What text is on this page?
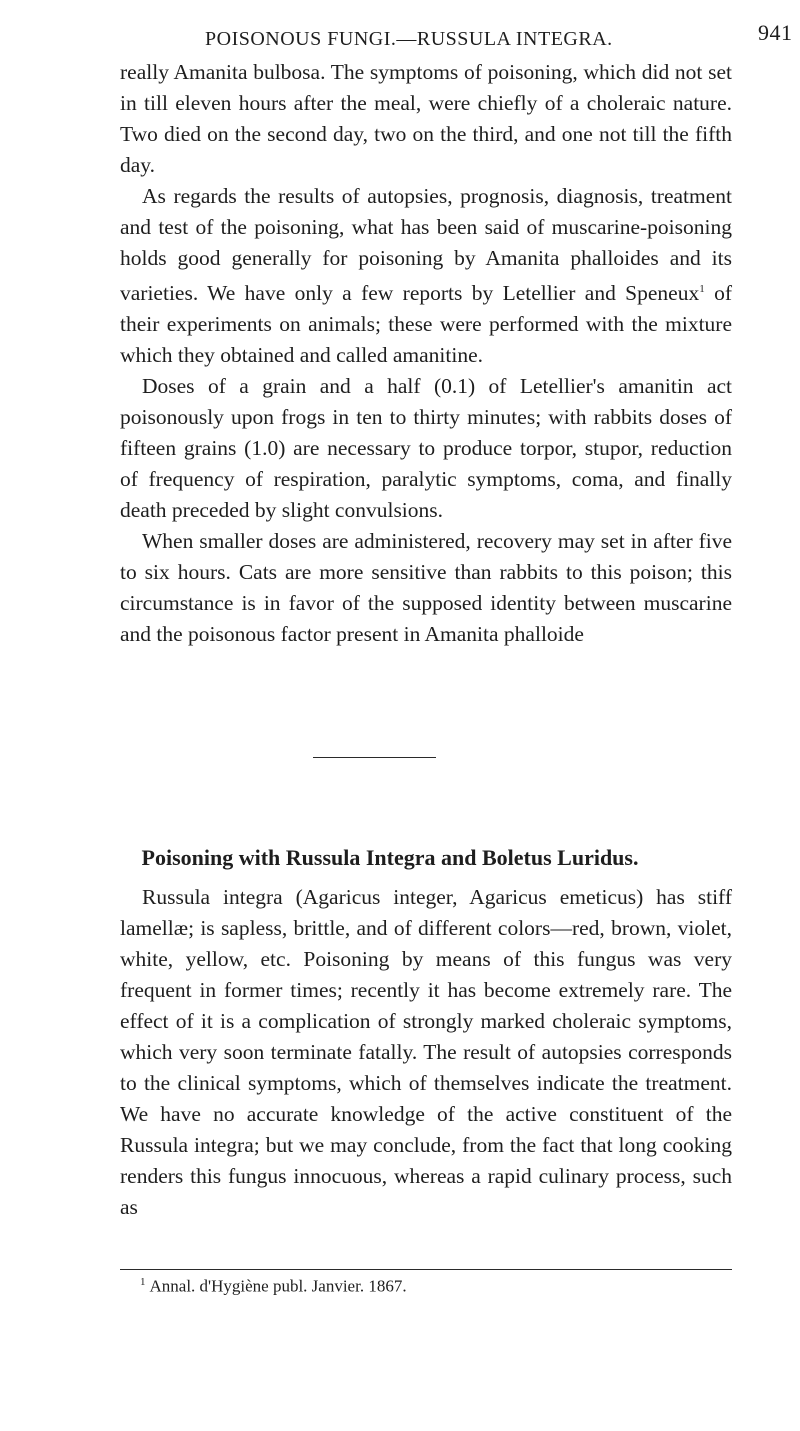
POISONOUS FUNGI.—RUSSULA INTEGRA.	941

really Amanita bulbosa. The symptoms of poisoning, which did not set in till eleven hours after the meal, were chiefly of a choleraic nature. Two died on the second day, two on the third, and one not till the fifth day.

As regards the results of autopsies, prognosis, diagnosis, treatment and test of the poisoning, what has been said of muscarine-poisoning holds good generally for poisoning by Amanita phalloides and its varieties. We have only a few reports by Letellier and Speneux$^1$ of their experiments on animals; these were performed with the mixture which they obtained and called amanitine.

Doses of a grain and a half (0.1) of Letellier's amanitin act poisonously upon frogs in ten to thirty minutes; with rabbits doses of fifteen grains (1.0) are necessary to produce torpor, stupor, reduction of frequency of respiration, paralytic symptoms, coma, and finally death preceded by slight convulsions.

When smaller doses are administered, recovery may set in after five to six hours. Cats are more sensitive than rabbits to this poison; this circumstance is in favor of the supposed identity between muscarine and the poisonous factor present in Amanita phalloide

Poisoning with Russula Integra and Boletus Luridus.

Russula integra (Agaricus integer, Agaricus emeticus) has stiff lamellæ; is sapless, brittle, and of different colors—red, brown, violet, white, yellow, etc. Poisoning by means of this fungus was very frequent in former times; recently it has become extremely rare. The effect of it is a complication of strongly marked choleraic symptoms, which very soon terminate fatally. The result of autopsies corresponds to the clinical symptoms, which of themselves indicate the treatment. We have no accurate knowledge of the active constituent of the Russula integra; but we may conclude, from the fact that long cooking renders this fungus innocuous, whereas a rapid culinary process, such as

$^1$ Annal. d'Hygiène publ. Janvier. 1867.
